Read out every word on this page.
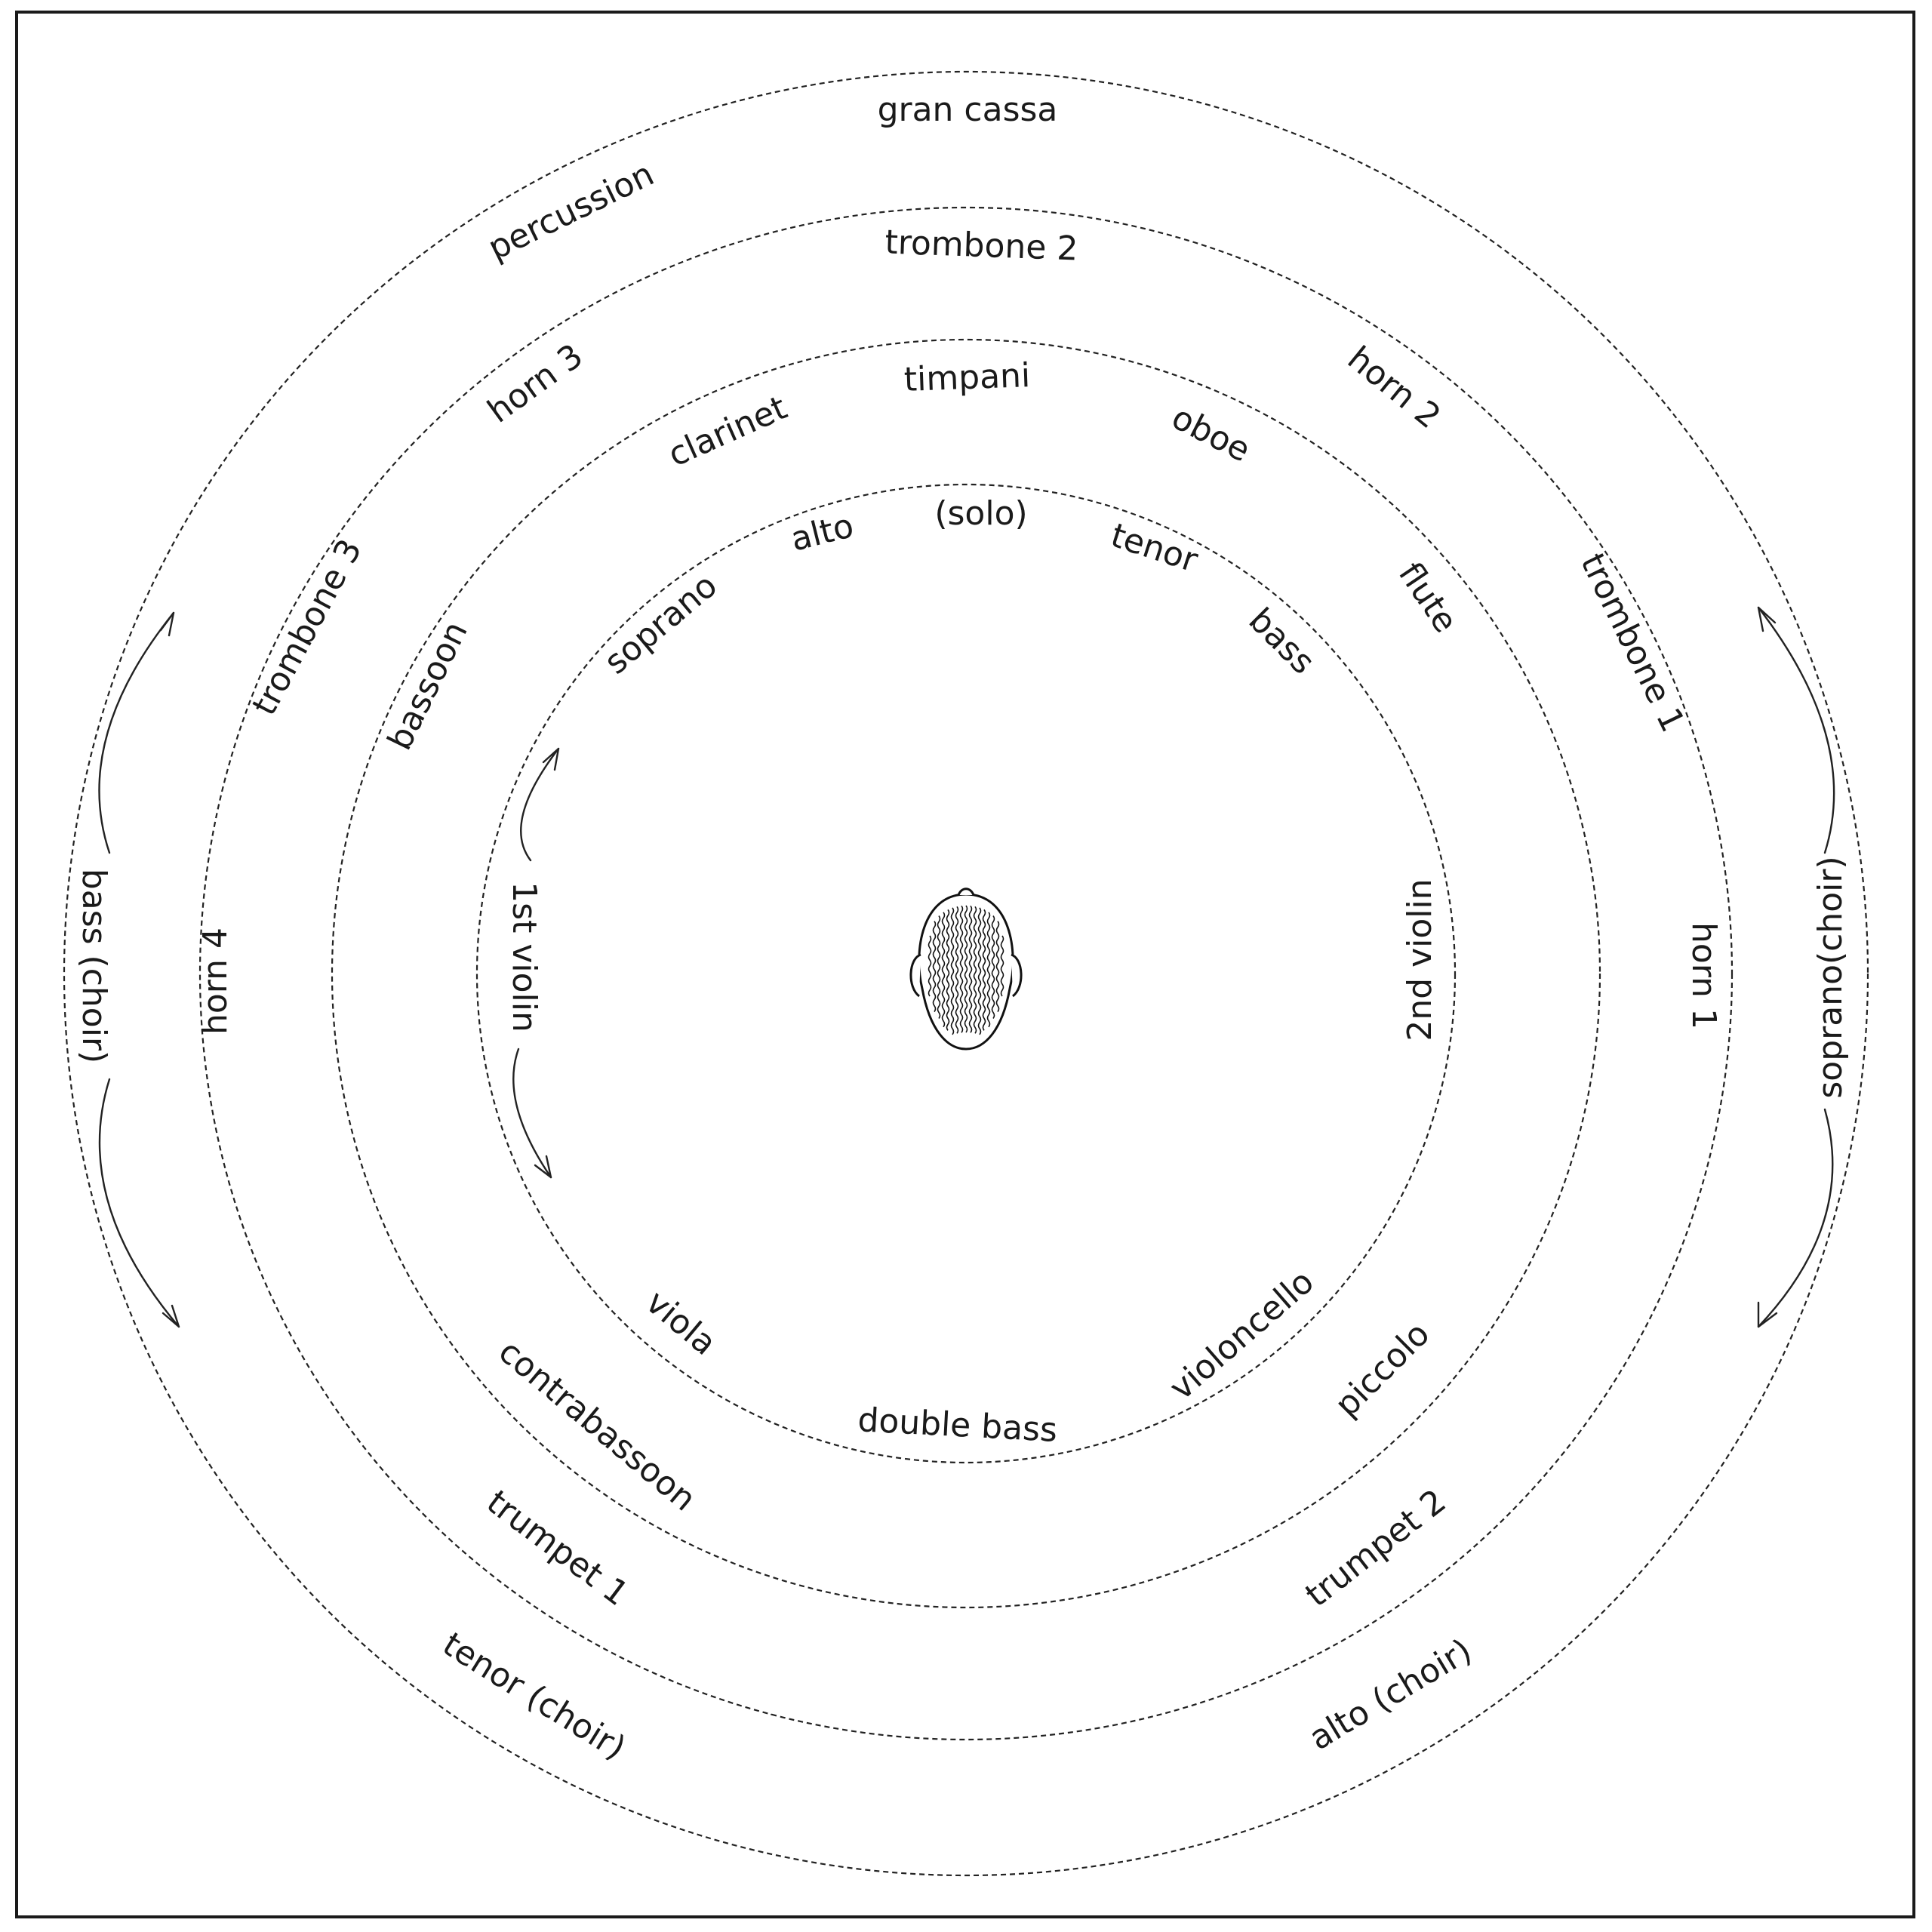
(solo)
alto	tenor
soprano	bass
1st violin	2nd violin
viola	violoncello
double bass
timpani
clarinet	oboe
bassoon
flute
contrabassoon	piccolo
trombone 2
horn 3	horn 2
trombone 3	trombone 1
horn 4	horn 1
trumpet 1	trumpet 2
gran cassa
percussion
bass (choir)	soprano(choir)
tenor (choir)	alto (choir)
